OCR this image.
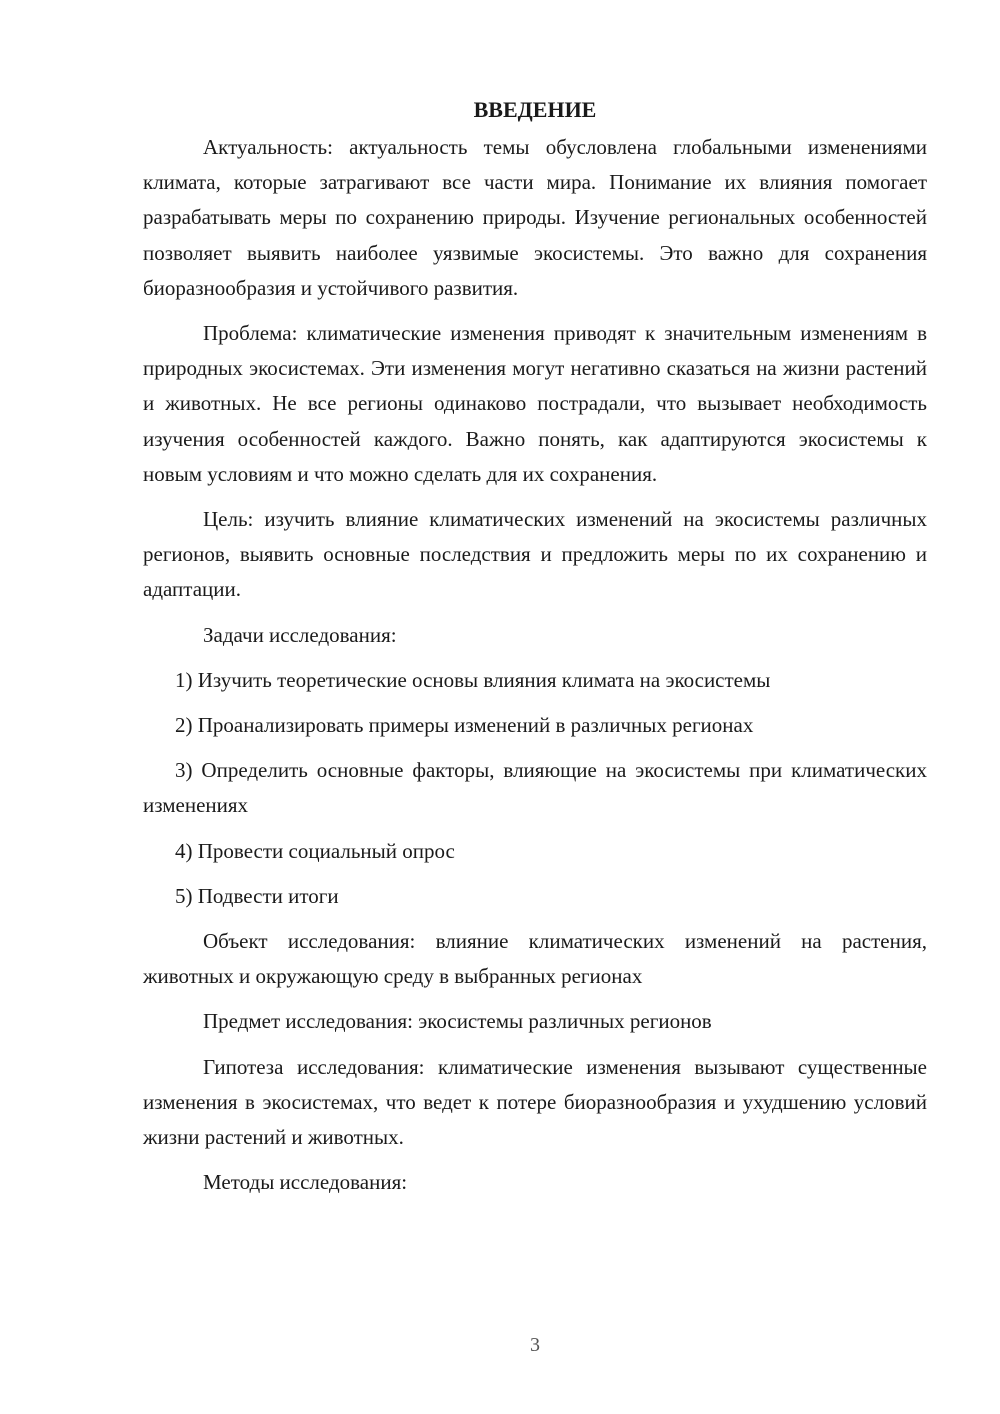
ВВЕДЕНИЕ

Актуальность: актуальность темы обусловлена глобальными изменениями климата, которые затрагивают все части мира. Понимание их влияния помогает разрабатывать меры по сохранению природы. Изучение региональных особенностей позволяет выявить наиболее уязвимые экосистемы. Это важно для сохранения биоразнообразия и устойчивого развития.

Проблема: климатические изменения приводят к значительным изменениям в природных экосистемах. Эти изменения могут негативно сказаться на жизни растений и животных. Не все регионы одинаково пострадали, что вызывает необходимость изучения особенностей каждого. Важно понять, как адаптируются экосистемы к новым условиям и что можно сделать для их сохранения.

Цель: изучить влияние климатических изменений на экосистемы различных регионов, выявить основные последствия и предложить меры по их сохранению и адаптации.

Задачи исследования:

1) Изучить теоретические основы влияния климата на экосистемы

2) Проанализировать примеры изменений в различных регионах

3) Определить основные факторы, влияющие на экосистемы при климатических изменениях

4) Провести социальный опрос

5) Подвести итоги

Объект исследования: влияние климатических изменений на растения, животных и окружающую среду в выбранных регионах

Предмет исследования: экосистемы различных регионов

Гипотеза исследования: климатические изменения вызывают существенные изменения в экосистемах, что ведет к потере биоразнообразия и ухудшению условий жизни растений и животных.

Методы исследования:

3
